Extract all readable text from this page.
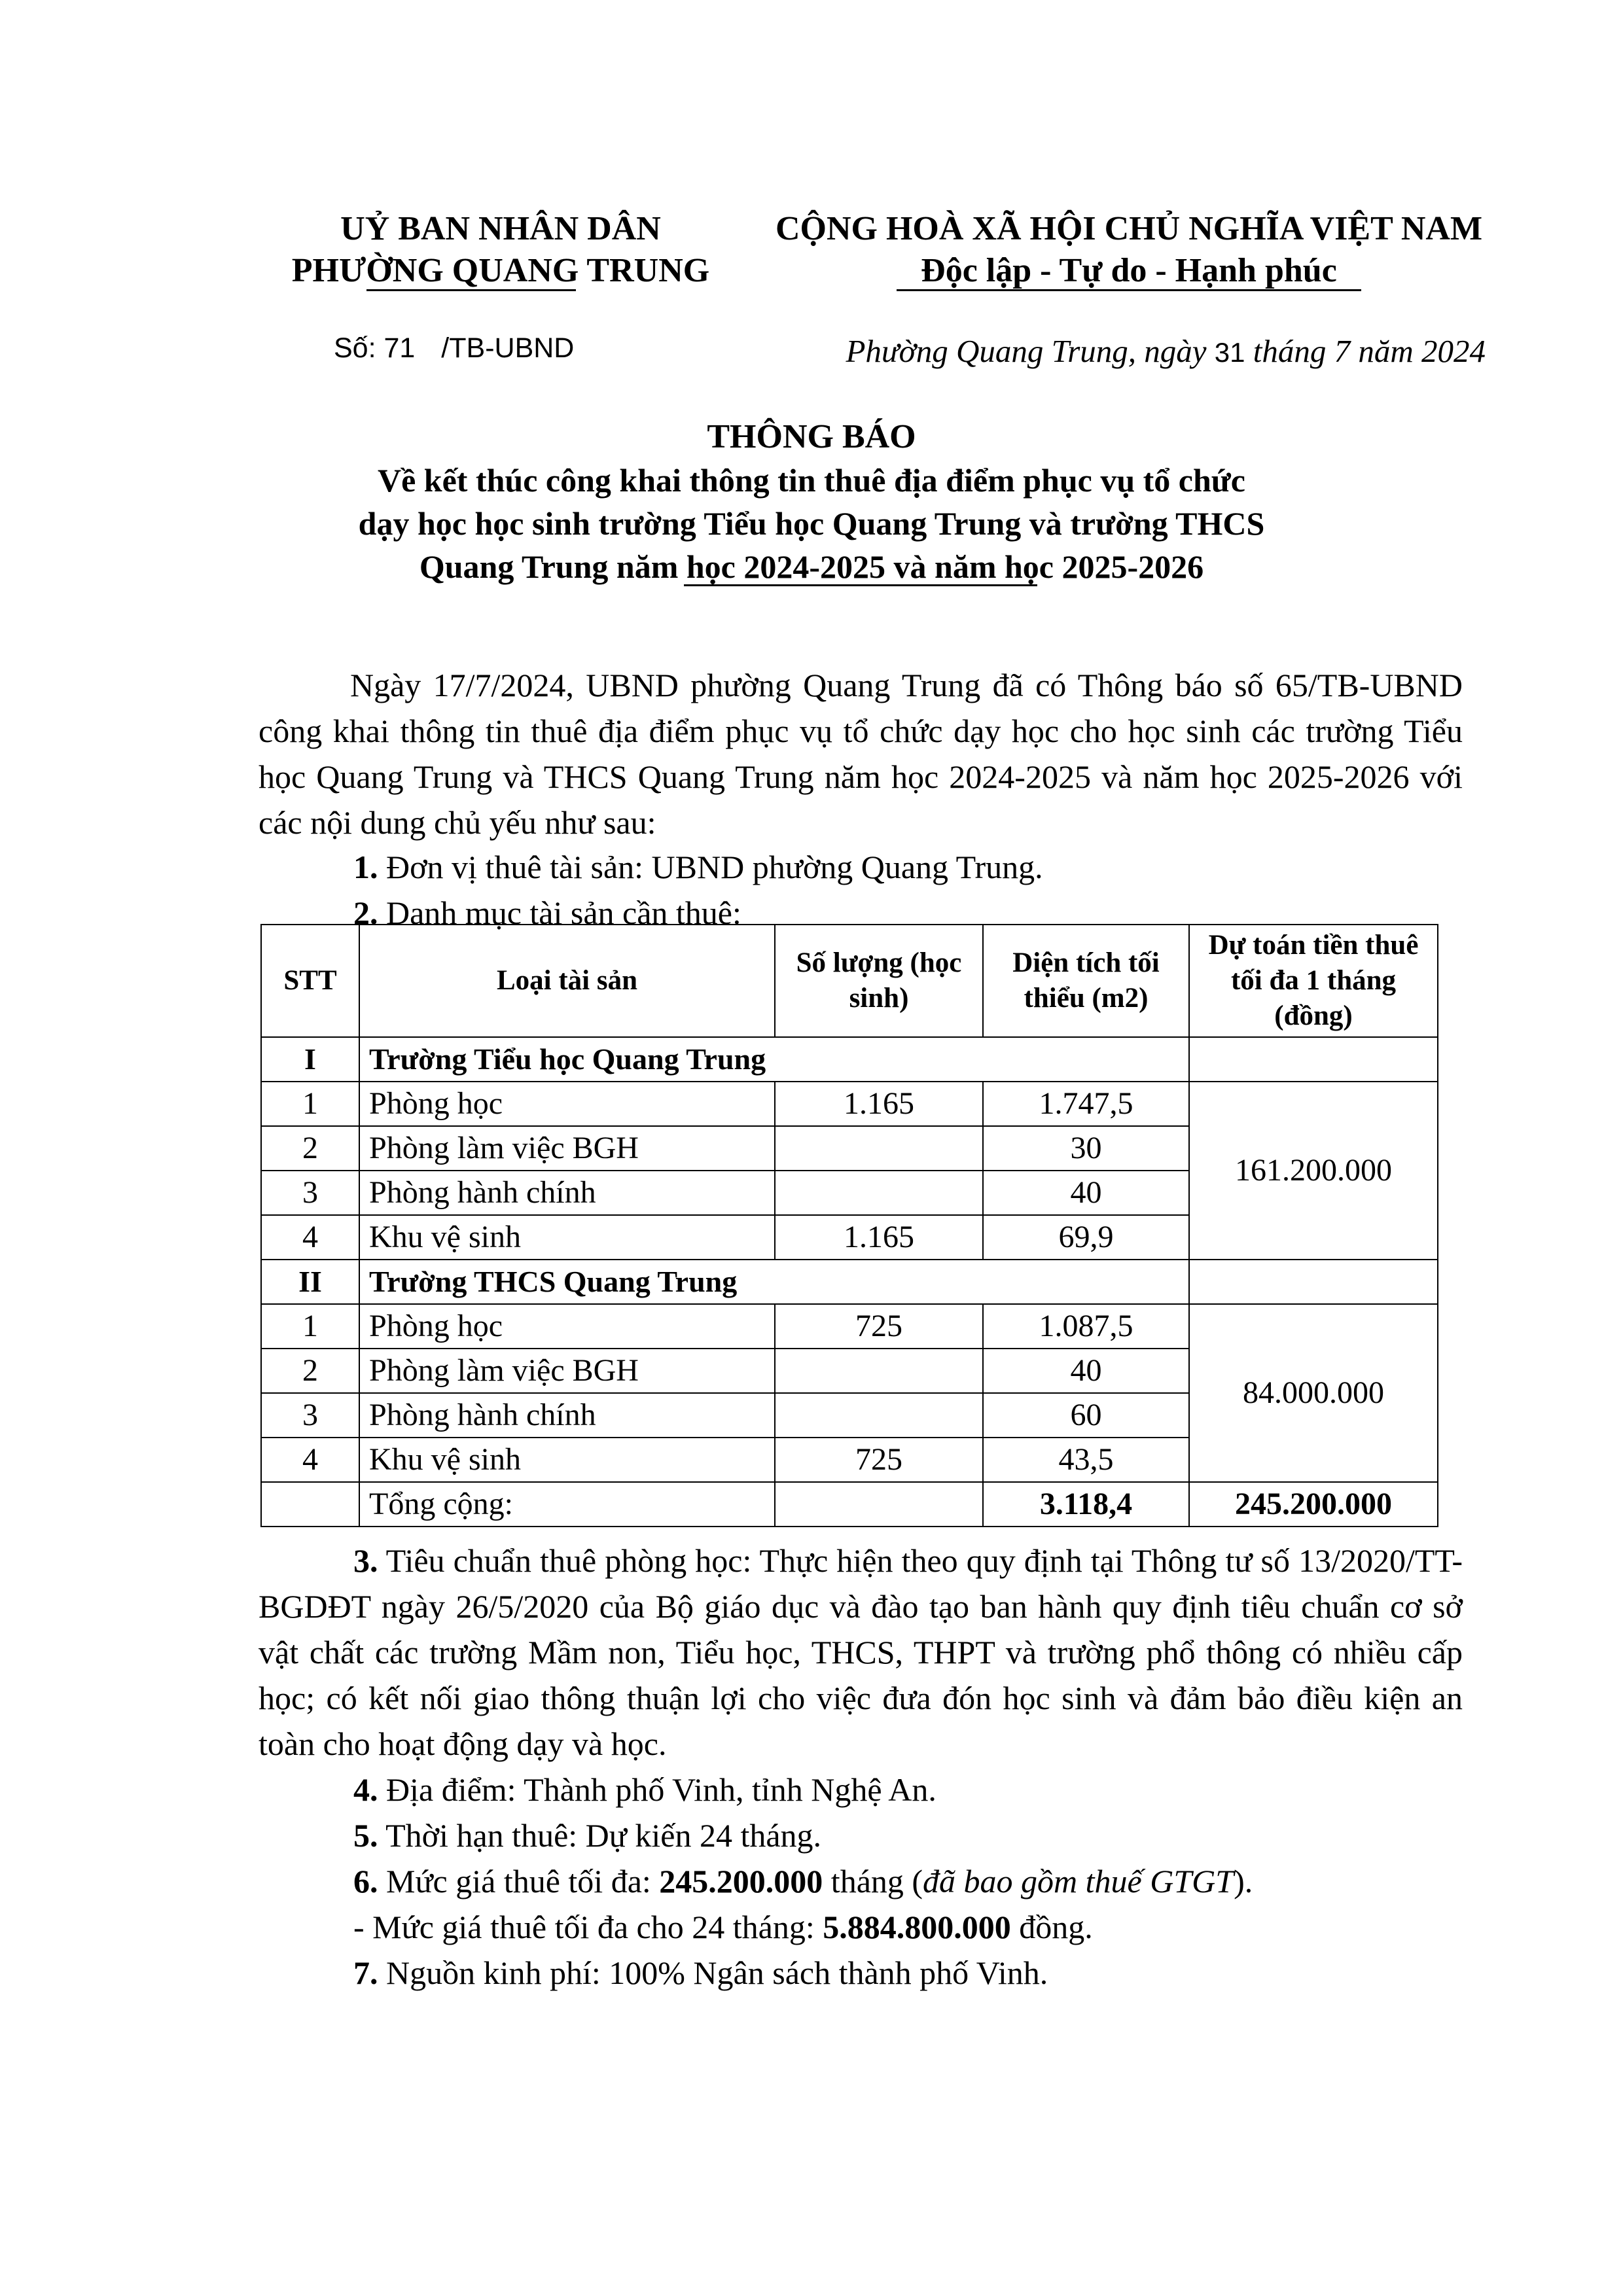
UỶ BAN NHÂN DÂN
PHƯỜNG QUANG TRUNG
CỘNG HOÀ XÃ HỘI CHỦ NGHĨA VIỆT NAM
Độc lập - Tự do - Hạnh phúc
Số: 71 /TB-UBND	Phường Quang Trung, ngày 31 tháng 7 năm 2024
THÔNG BÁO
Về kết thúc công khai thông tin thuê địa điểm phục vụ tổ chức
dạy học học sinh trường Tiểu học Quang Trung và trường THCS
Quang Trung năm học 2024-2025 và năm học 2025-2026
Ngày 17/7/2024, UBND phường Quang Trung đã có Thông báo số 65/TB-UBND công khai thông tin thuê địa điểm phục vụ tổ chức dạy học cho học sinh các trường Tiểu học Quang Trung và THCS Quang Trung năm học 2024-2025 và năm học 2025-2026 với các nội dung chủ yếu như sau:
1. Đơn vị thuê tài sản: UBND phường Quang Trung.
2. Danh mục tài sản cần thuê:
STT	Loại tài sản	Số lượng (học sinh)	Diện tích tối thiểu (m2)	Dự toán tiền thuê tối đa 1 tháng (đồng)
I	Trường Tiểu học Quang Trung			
1	Phòng học	1.165	1.747,5	161.200.000
2	Phòng làm việc BGH		30	
3	Phòng hành chính		40	
4	Khu vệ sinh	1.165	69,9	
II	Trường THCS Quang Trung			
1	Phòng học	725	1.087,5	84.000.000
2	Phòng làm việc BGH		40	
3	Phòng hành chính		60	
4	Khu vệ sinh	725	43,5	
	Tổng cộng:		3.118,4	245.200.000
3. Tiêu chuẩn thuê phòng học: Thực hiện theo quy định tại Thông tư số 13/2020/TT-BGDĐT ngày 26/5/2020 của Bộ giáo dục và đào tạo ban hành quy định tiêu chuẩn cơ sở vật chất các trường Mầm non, Tiểu học, THCS, THPT và trường phổ thông có nhiều cấp học; có kết nối giao thông thuận lợi cho việc đưa đón học sinh và đảm bảo điều kiện an toàn cho hoạt động dạy và học.
4. Địa điểm: Thành phố Vinh, tỉnh Nghệ An.
5. Thời hạn thuê: Dự kiến 24 tháng.
6. Mức giá thuê tối đa: 245.200.000 tháng (đã bao gồm thuế GTGT).
- Mức giá thuê tối đa cho 24 tháng: 5.884.800.000 đồng.
7. Nguồn kinh phí: 100% Ngân sách thành phố Vinh.
